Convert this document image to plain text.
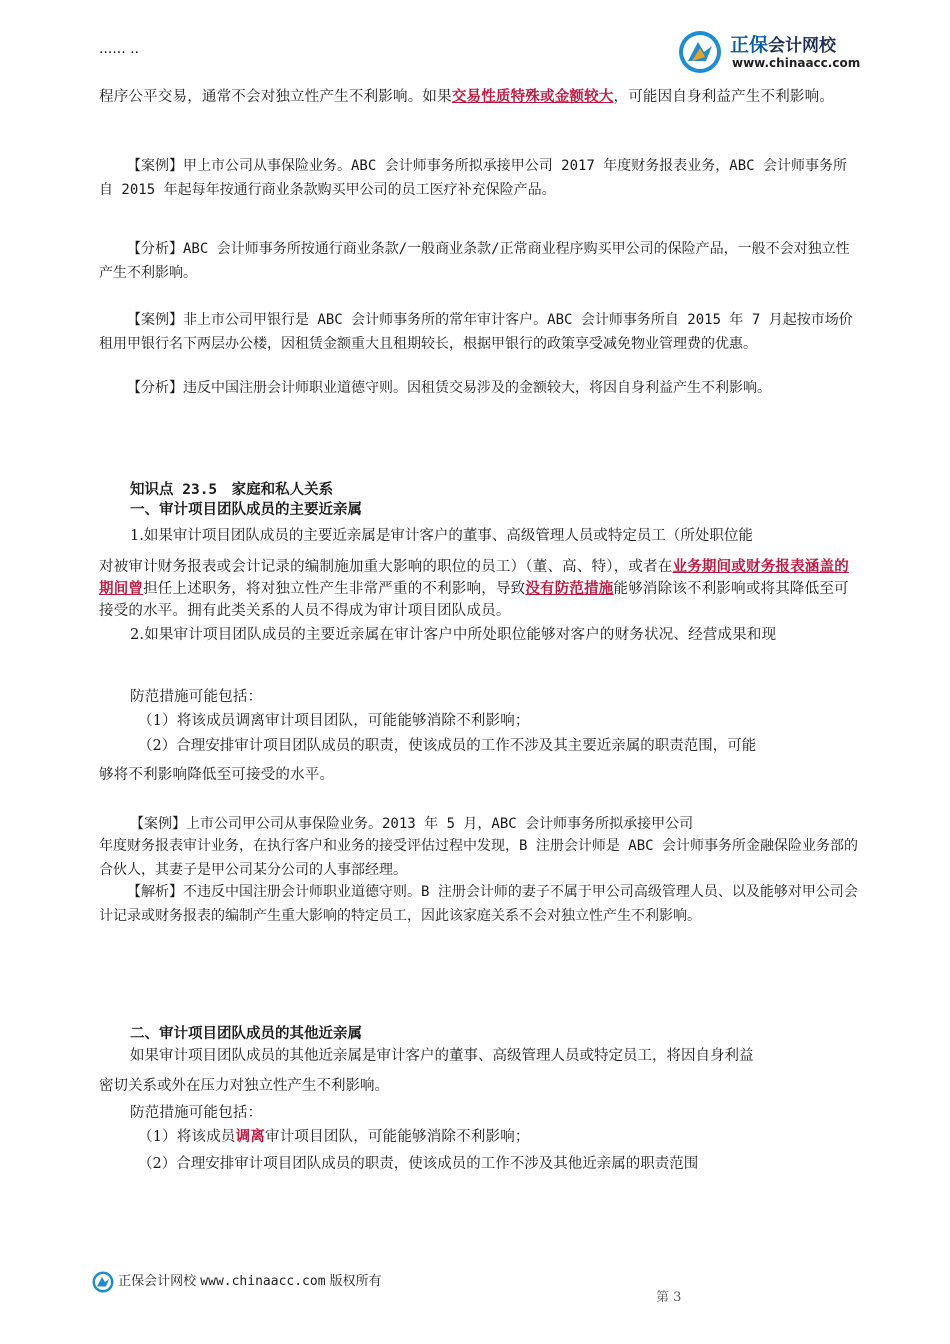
······ ··	正保会计网校
www.chinaacc.com
程序公平交易，通常不会对独立性产生不利影响。如果交易性质特殊或金额较大，可能因自身利益产生不利影响。
【案例】甲上市公司从事保险业务。ABC 会计师事务所拟承接甲公司 2017 年度财务报表业务，ABC 会计师事务所自 2015 年起每年按通行商业条款购买甲公司的员工医疗补充保险产品。
【分析】ABC 会计师事务所按通行商业条款/一般商业条款/正常商业程序购买甲公司的保险产品，一般不会对独立性产生不利影响。
【案例】非上市公司甲银行是 ABC 会计师事务所的常年审计客户。ABC 会计师事务所自 2015 年 7 月起按市场价租用甲银行名下两层办公楼，因租赁金额重大且租期较长，根据甲银行的政策享受减免物业管理费的优惠。
【分析】违反中国注册会计师职业道德守则。因租赁交易涉及的金额较大，将因自身利益产生不利影响。
知识点 23.5　家庭和私人关系
一、审计项目团队成员的主要近亲属
1.如果审计项目团队成员的主要近亲属是审计客户的董事、高级管理人员或特定员工（所处职位能
对被审计财务报表或会计记录的编制施加重大影响的职位的员工）（董、高、特），或者在业务期间或财务报表涵盖的期间曾担任上述职务，将对独立性产生非常严重的不利影响，导致没有防范措施能够消除该不利影响或将其降低至可接受的水平。拥有此类关系的人员不得成为审计项目团队成员。
2.如果审计项目团队成员的主要近亲属在审计客户中所处职位能够对客户的财务状况、经营成果和现
防范措施可能包括：
（1）将该成员调离审计项目团队，可能能够消除不利影响；
（2）合理安排审计项目团队成员的职责，使该成员的工作不涉及其主要近亲属的职责范围，可能
够将不利影响降低至可接受的水平。
【案例】上市公司甲公司从事保险业务。2013 年 5 月，ABC 会计师事务所拟承接甲公司
年度财务报表审计业务，在执行客户和业务的接受评估过程中发现，B 注册会计师是 ABC 会计师事务所金融保险业务部的合伙人，其妻子是甲公司某分公司的人事部经理。
【解析】不违反中国注册会计师职业道德守则。B 注册会计师的妻子不属于甲公司高级管理人员、以及能够对甲公司会计记录或财务报表的编制产生重大影响的特定员工，因此该家庭关系不会对独立性产生不利影响。
二、审计项目团队成员的其他近亲属
如果审计项目团队成员的其他近亲属是审计客户的董事、高级管理人员或特定员工，将因自身利益
密切关系或外在压力对独立性产生不利影响。
防范措施可能包括：
（1）将该成员调离审计项目团队，可能能够消除不利影响；
（2）合理安排审计项目团队成员的职责，使该成员的工作不涉及其他近亲属的职责范围
正保会计网校 www.chinaacc.com 版权所有
第 3
